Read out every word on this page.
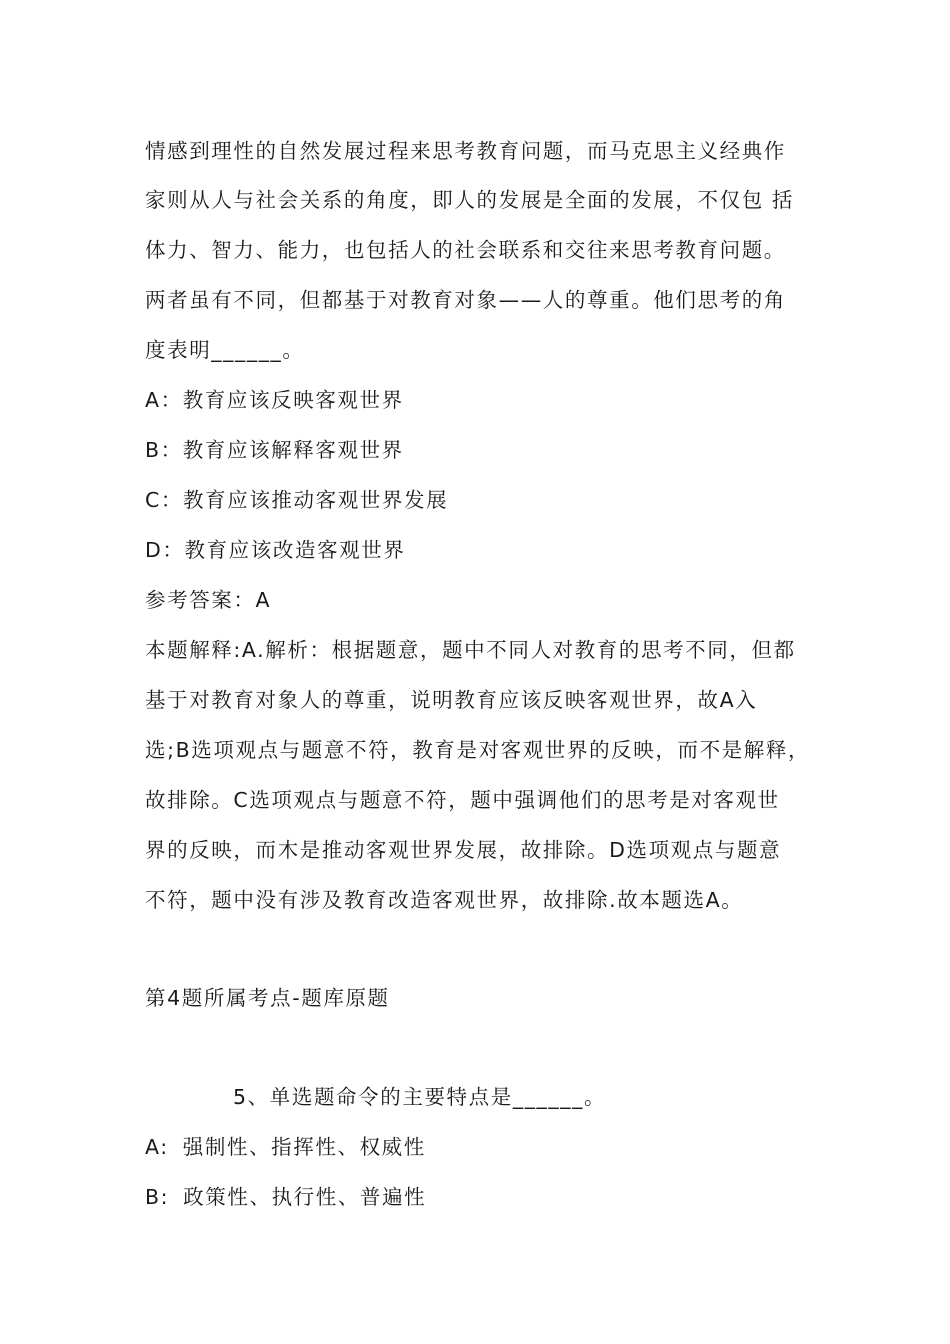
情感到理性的自然发展过程来思考教育问题，而马克思主义经典作
家则从人与社会关系的角度，即人的发展是全面的发展，不仅包 括
体力、智力、能力，也包括人的社会联系和交往来思考教育问题。
两者虽有不同，但都基于对教育对象——人的尊重。他们思考的角
度表明______。
A：教育应该反映客观世界
B：教育应该解释客观世界
C：教育应该推动客观世界发展
D：教育应该改造客观世界
参考答案：A
本题解释:A.解析：根据题意，题中不同人对教育的思考不同，但都
基于对教育对象人的尊重，说明教育应该反映客观世界，故A入
选;B选项观点与题意不符，教育是对客观世界的反映，而不是解释，
故排除。C选项观点与题意不符，题中强调他们的思考是对客观世
界的反映，而木是推动客观世界发展，故排除。D选项观点与题意
不符，题中没有涉及教育改造客观世界，故排除.故本题选A。
第4题所属考点-题库原题
5、单选题命令的主要特点是______。
A: 强制性、指挥性、权威性
B: 政策性、执行性、普遍性
